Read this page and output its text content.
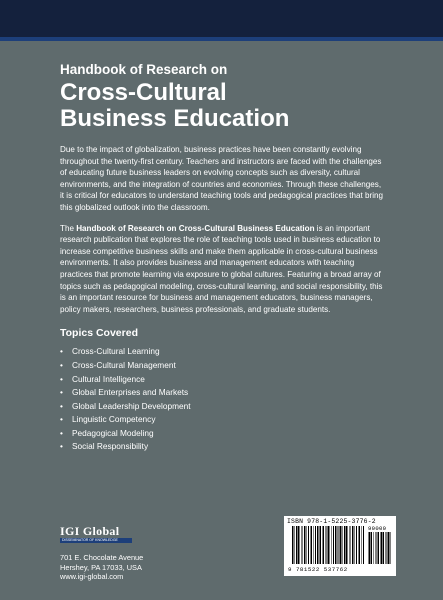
Handbook of Research on

Cross-Cultural
Business Education

Due to the impact of globalization, business practices have been constantly evolving throughout the twenty-first century. Teachers and instructors are faced with the challenges of educating future business leaders on evolving concepts such as diversity, cultural environments, and the integration of countries and economies. Through these challenges, it is critical for educators to understand teaching tools and pedagogical practices that bring this globalized outlook into the classroom.

The Handbook of Research on Cross-Cultural Business Education is an important research publication that explores the role of teaching tools used in business education to increase competitive business skills and make them applicable in cross-cultural business environments. It also provides business and management educators with teaching practices that promote learning via exposure to global cultures. Featuring a broad array of topics such as pedagogical modeling, cross-cultural learning, and social responsibility, this is an important resource for business and management educators, business managers, policy makers, researchers, business professionals, and graduate students.

Topics Covered
• Cross-Cultural Learning
• Cross-Cultural Management
• Cultural Intelligence
• Global Enterprises and Markets
• Global Leadership Development
• Linguistic Competency
• Pedagogical Modeling
• Social Responsibility
IGI Global
DISSEMINATOR OF KNOWLEDGE

701 E. Chocolate Avenue

Hershey, PA 17033, USA

www.igi-global.com

ISBN 978-1-5225-3776-2
90000
9 781522 537762
